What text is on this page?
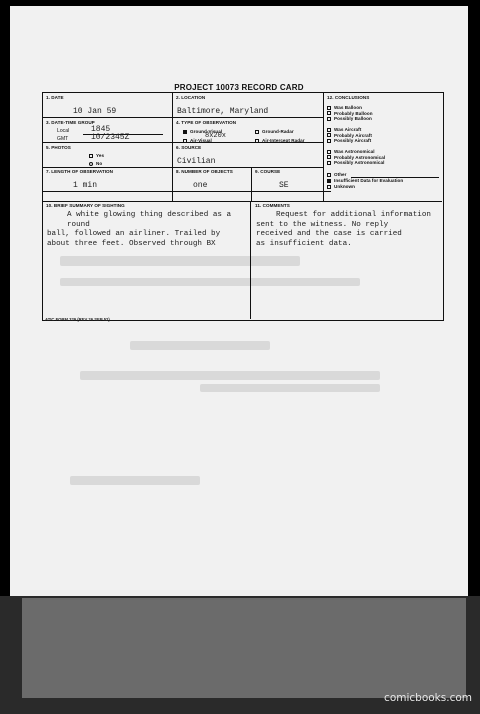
PROJECT 10073 RECORD CARD
1. DATE
10 Jan 59
2. LOCATION
Baltimore, Maryland
3. DATE-TIME GROUP
Local	1845
GMT	10/2345Z
4. TYPE OF OBSERVATION
Ground-Visual	Ground-Radar
Air-Visual	Air-Intercept Radar
8x20x
5. PHOTOS
Yes
No
6. SOURCE
Civilian
7. LENGTH OF OBSERVATION
1 min
8. NUMBER OF OBJECTS
one
9. COURSE
SE
10. BRIEF SUMMARY OF SIGHTING
A white glowing thing described as a round
ball, followed an airliner. Trailed by
about three feet. Observed through BX
11. COMMENTS
Request for additional information
sent to the witness. No reply
received and the case is carried
as insufficient data.
12. CONCLUSIONS
Was Balloon
Probably Balloon
Possibly Balloon
Was Aircraft
Probably Aircraft
Possibly Aircraft
Was Astronomical
Probably Astronomical
Possibly Astronomical
Other
Insufficient Data for Evaluation
Unknown
ATIC FORM 329 (REV 26 SEP 52)
comicbooks.com
